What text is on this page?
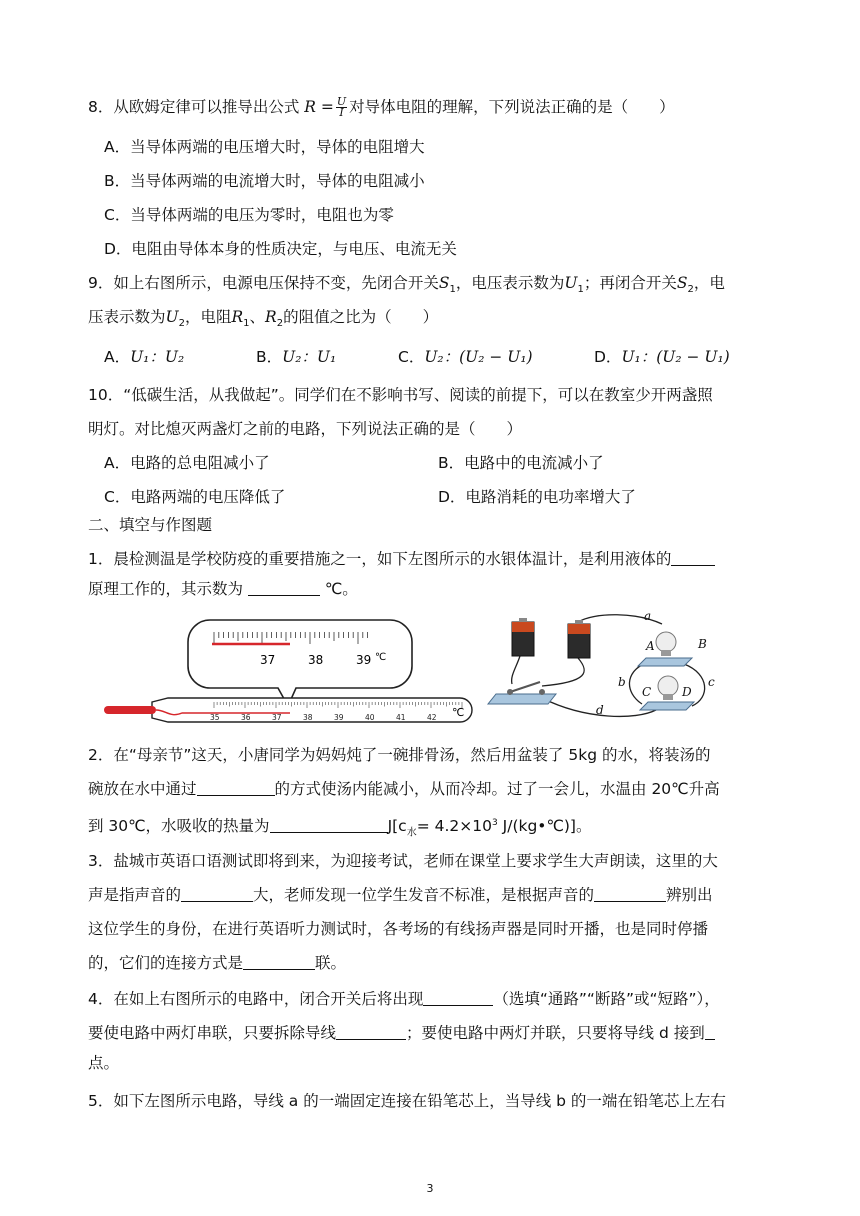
8．从欧姆定律可以推导出公式 $R = \frac{U}{I}$ 对导体电阻的理解，下列说法正确的是（　　）
A．当导体两端的电压增大时，导体的电阻增大
B．当导体两端的电流增大时，导体的电阻减小
C．当导体两端的电压为零时，电阻也为零
D．电阻由导体本身的性质决定，与电压、电流无关
9．如上右图所示，电源电压保持不变，先闭合开关$S_1$，电压表示数为$U_1$；再闭合开关$S_2$，电
压表示数为$U_2$，电阻$R_1$、$R_2$的阻值之比为（　　）
A．U₁：U₂	B．U₂：U₁	C．U₂：(U₂ − U₁)	D．U₁：(U₂ − U₁)
10．“低碳生活，从我做起”。同学们在不影响书写、阅读的前提下，可以在教室少开两盏照
明灯。对比熄灭两盏灯之前的电路，下列说法正确的是（　　）
A．电路的总电阻减小了	B．电路中的电流减小了
C．电路两端的电压降低了	D．电路消耗的电功率增大了
二、填空与作图题
1．晨检测温是学校防疫的重要措施之一，如下左图所示的水银体温计，是利用液体的
原理工作的，其示数为	℃。
37	38	39 ℃
35	36	37	38	39	40	41	42 ℃
a
A	B
b	c
C	D
d
2．在“母亲节”这天，小唐同学为妈妈炖了一碗排骨汤，然后用盆装了 5kg 的水，将装汤的
碗放在水中通过	的方式使汤内能减小，从而冷却。过了一会儿，水温由 20℃升高
到 30℃，水吸收的热量为	$J[c_水= 4.2\times 10^3$ J/(kg•℃)]。
3．盐城市英语口语测试即将到来，为迎接考试，老师在课堂上要求学生大声朗读，这里的大
声是指声音的	大，老师发现一位学生发音不标准，是根据声音的	辨别出
这位学生的身份，在进行英语听力测试时，各考场的有线扬声器是同时开播，也是同时停播
的，它们的连接方式是	联。
4．在如上右图所示的电路中，闭合开关后将出现	（选填“通路”“断路”或“短路”），
要使电路中两灯串联，只要拆除导线	；要使电路中两灯并联，只要将导线 d 接到
点。
5．如下左图所示电路，导线 a 的一端固定连接在铅笔芯上，当导线 b 的一端在铅笔芯上左右
3
